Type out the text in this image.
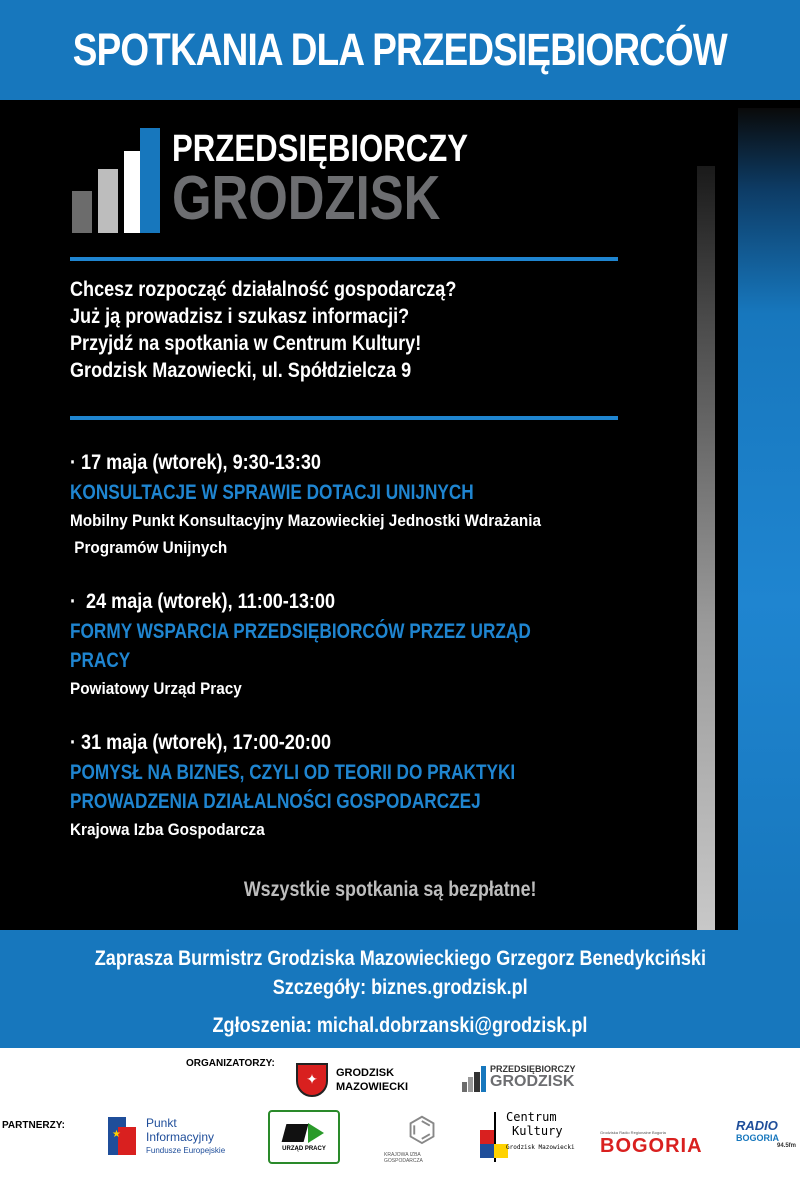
SPOTKANIA DLA PRZEDSIĘBIORCÓW
PRZEDSIĘBIORCZY
GRODZISK
Chcesz rozpocząć działalność gospodarczą?
Już ją prowadzisz i szukasz informacji?
Przyjdź na spotkania w Centrum Kultury!
Grodzisk Mazowiecki, ul. Spółdzielcza 9
· 17 maja (wtorek), 9:30-13:30
KONSULTACJE W SPRAWIE DOTACJI UNIJNYCH
Mobilny Punkt Konsultacyjny Mazowieckiej Jednostki Wdrażania
Programów Unijnych
·  24 maja (wtorek), 11:00-13:00
FORMY WSPARCIA PRZEDSIĘBIORCÓW PRZEZ URZĄD
PRACY
Powiatowy Urząd Pracy
· 31 maja (wtorek), 17:00-20:00
POMYSŁ NA BIZNES, CZYLI OD TEORII DO PRAKTYKI
PROWADZENIA DZIAŁALNOŚCI GOSPODARCZEJ
Krajowa Izba Gospodarcza
Wszystkie spotkania są bezpłatne!
Zaprasza Burmistrz Grodziska Mazowieckiego Grzegorz Benedykciński
Szczegóły: biznes.grodzisk.pl
Zgłoszenia: michal.dobrzanski@grodzisk.pl
ORGANIZATORZY:
PARTNERZY:
✦	GRODZISK
MAZOWIECKI
PRZEDSIĘBIORCZY
GRODZISK
★
Punkt
Informacyjny
Fundusze Europejskie	URZĄD PRACY ⌬
KRAJOWA IZBA GOSPODARCZA
Centrum
Kultury
Grodzisk Mazowiecki
Grodziska Radio Regionalne Bogoria
BOGORIA
RADIO
BOGORIA
94.5fm
